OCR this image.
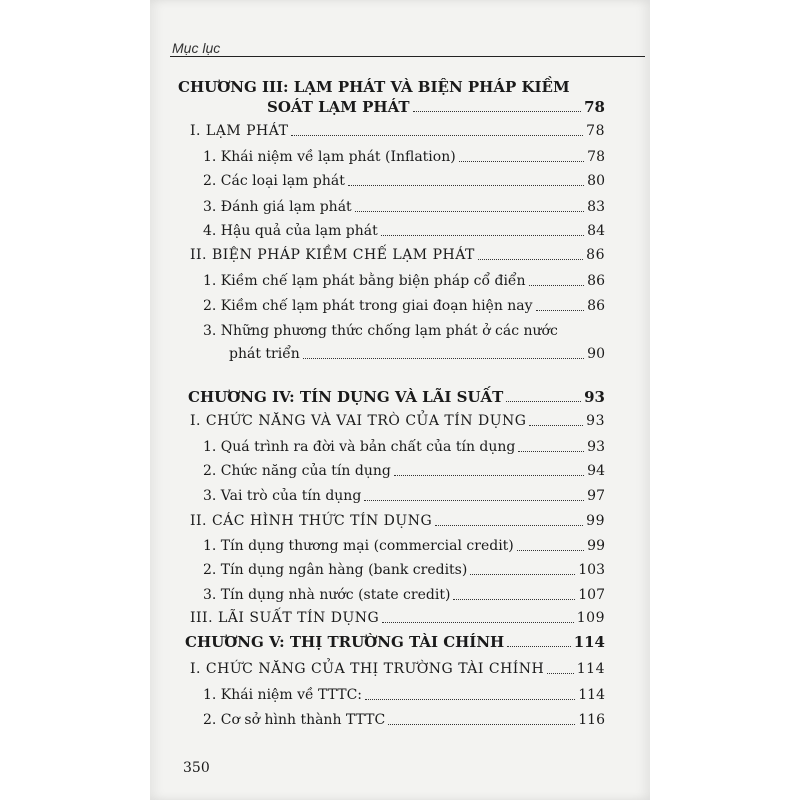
Mục lục
CHƯƠNG III: LẠM PHÁT VÀ BIỆN PHÁP KIỀM
SOÁT LẠM PHÁT	78
I. LẠM PHÁT	78
1. Khái niệm về lạm phát (Inflation)	78
2. Các loại lạm phát	80
3. Đánh giá lạm phát	83
4. Hậu quả của lạm phát	84
II. BIỆN PHÁP KIỀM CHẾ LẠM PHÁT	86
1. Kiềm chế lạm phát bằng biện pháp cổ điển	86
2. Kiềm chế lạm phát trong giai đoạn hiện nay	86
3. Những phương thức chống lạm phát ở các nước
phát triển	90
CHƯƠNG IV: TÍN DỤNG VÀ LÃI SUẤT	93
I. CHỨC NĂNG VÀ VAI TRÒ CỦA TÍN DỤNG	93
1. Quá trình ra đời và bản chất của tín dụng	93
2. Chức năng của tín dụng	94
3. Vai trò của tín dụng	97
II. CÁC HÌNH THỨC TÍN DỤNG	99
1. Tín dụng thương mại (commercial credit)	99
2. Tín dụng ngân hàng (bank credits)	103
3. Tín dụng nhà nước (state credit)	107
III. LÃI SUẤT TÍN DỤNG	109
CHƯƠNG V: THỊ TRƯỜNG TÀI CHÍNH	114
I. CHỨC NĂNG CỦA THỊ TRƯỜNG TÀI CHÍNH 114
1. Khái niệm về TTTC:	114
2. Cơ sở hình thành TTTC	116
350
